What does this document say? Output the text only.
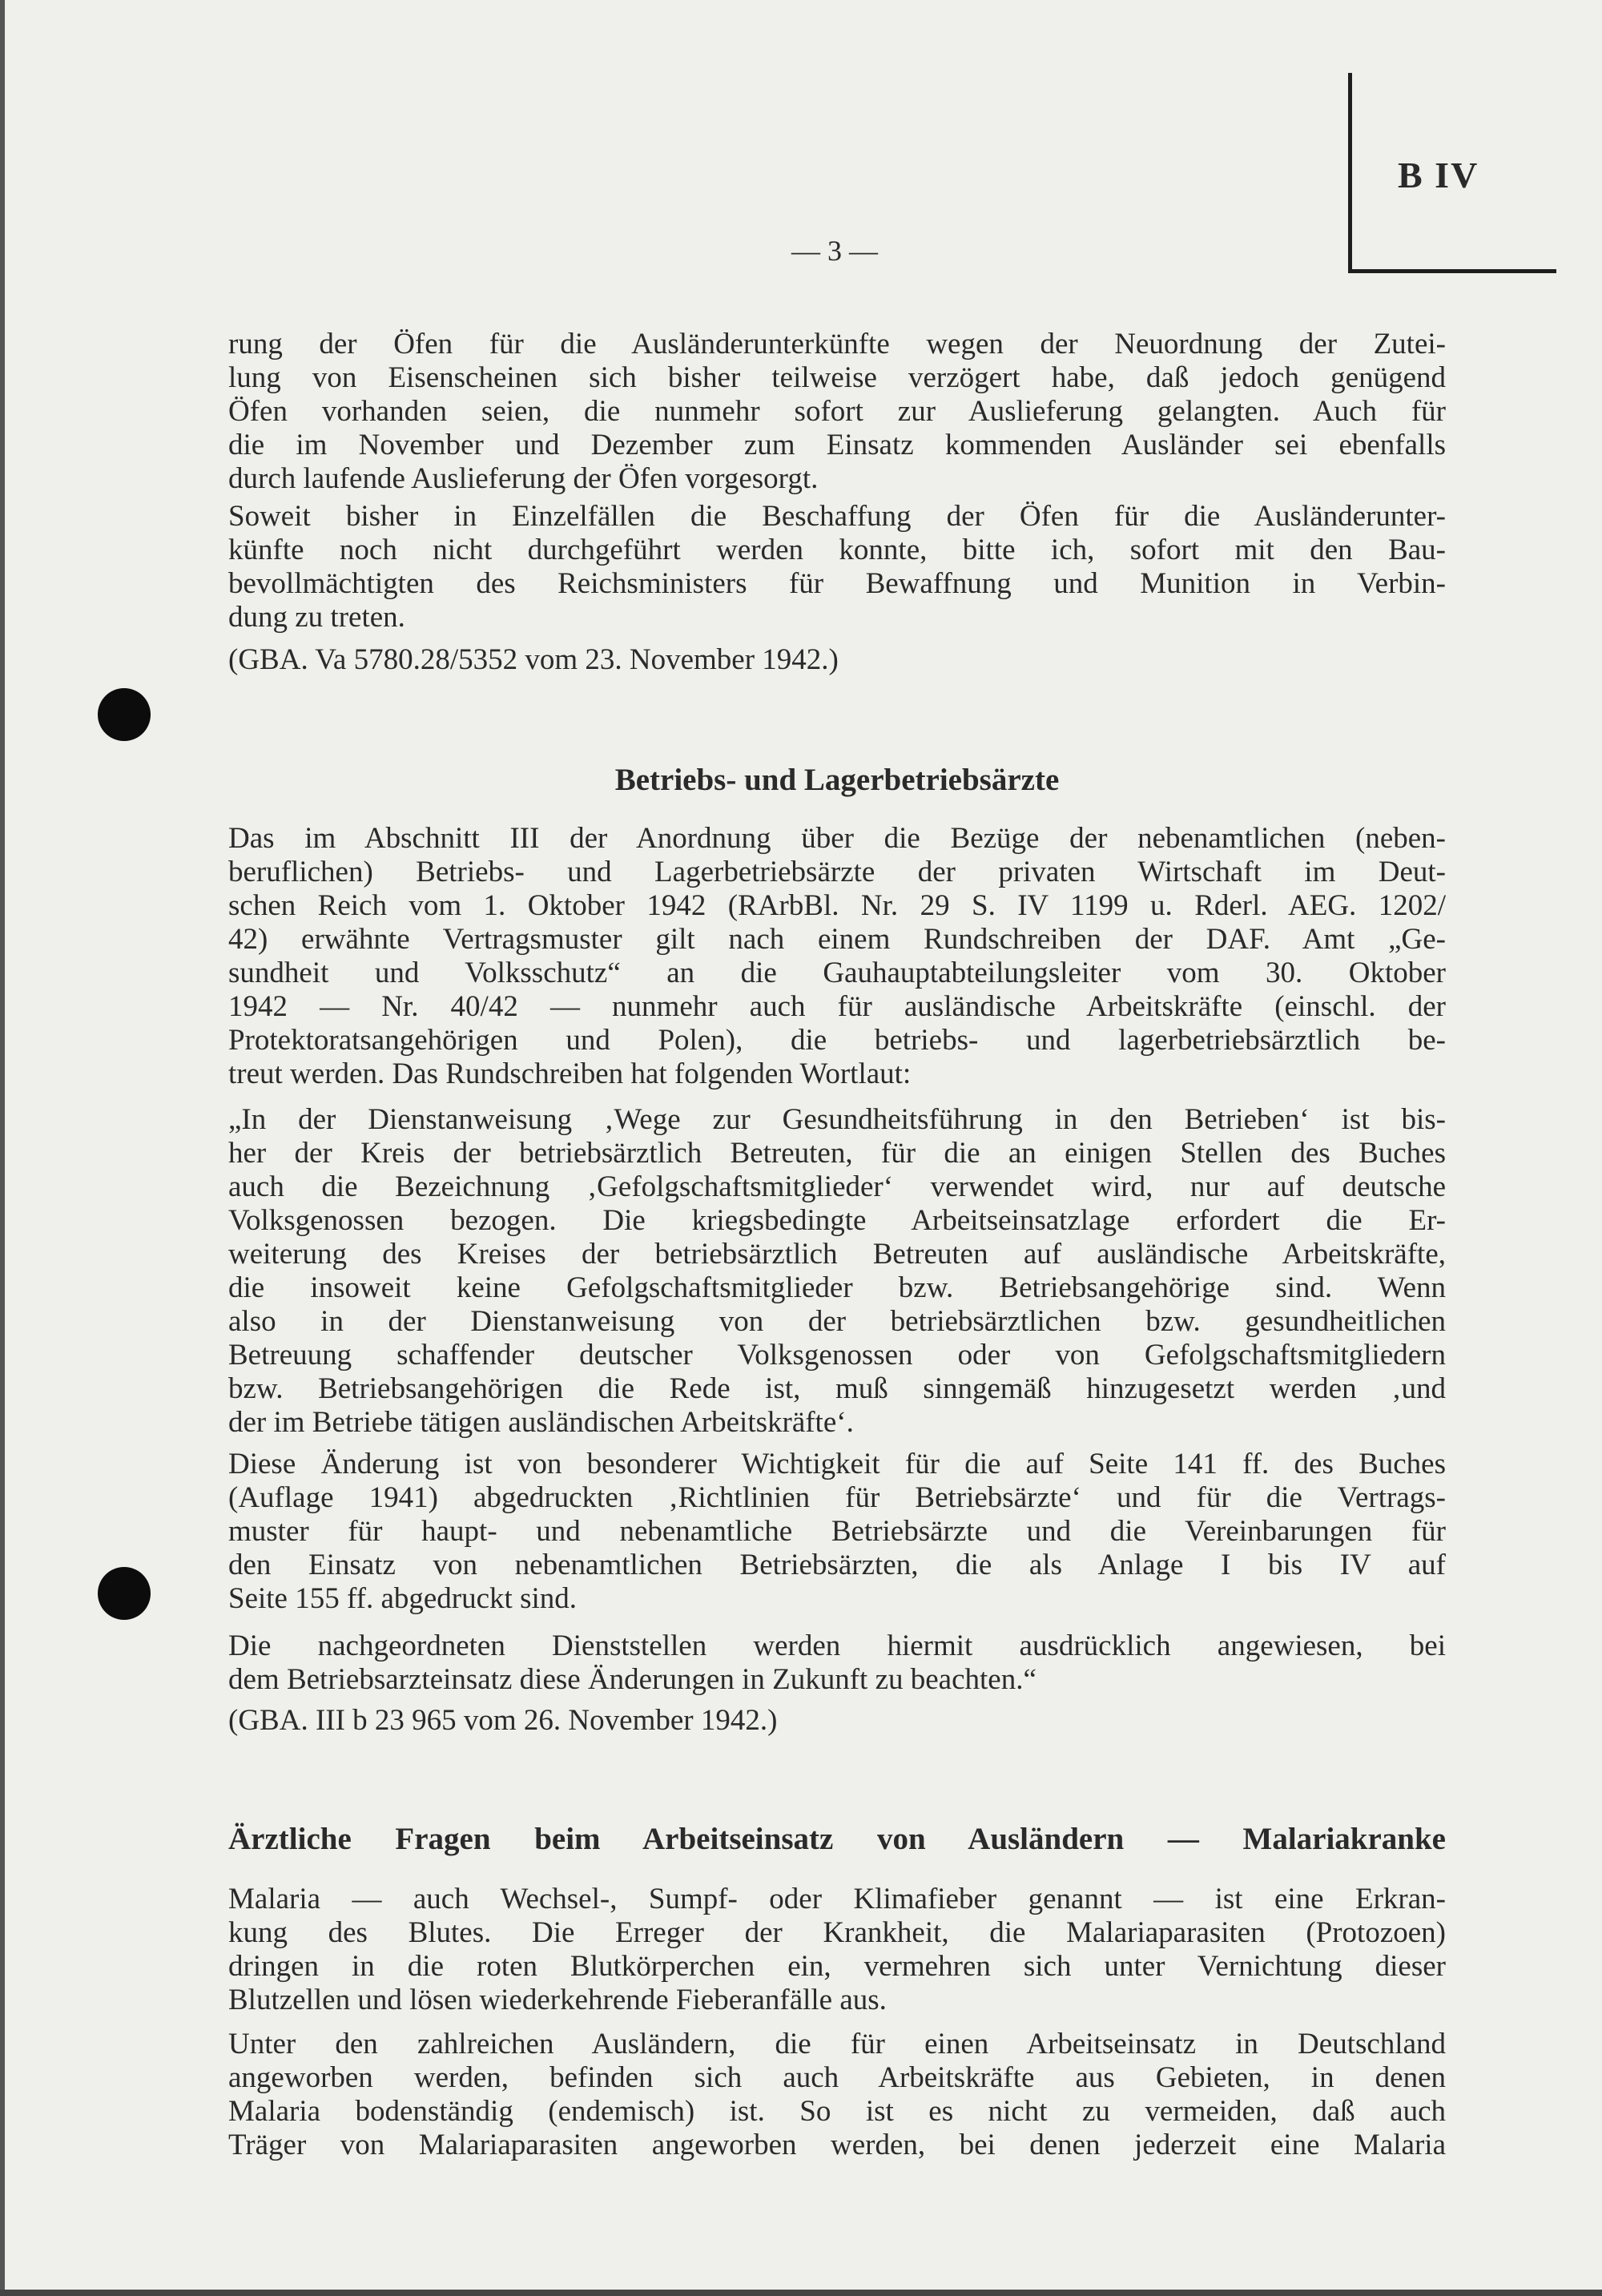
B IV
— 3 —
rung der Öfen für die Ausländerunterkünfte wegen der Neuordnung der Zutei-
lung von Eisenscheinen sich bisher teilweise verzögert habe, daß jedoch genügend
Öfen vorhanden seien, die nunmehr sofort zur Auslieferung gelangten. Auch für
die im November und Dezember zum Einsatz kommenden Ausländer sei ebenfalls
durch laufende Auslieferung der Öfen vorgesorgt.
Soweit bisher in Einzelfällen die Beschaffung der Öfen für die Ausländerunter-
künfte noch nicht durchgeführt werden konnte, bitte ich, sofort mit den Bau-
bevollmächtigten des Reichsministers für Bewaffnung und Munition in Verbin-
dung zu treten.
(GBA. Va 5780.28/5352 vom 23. November 1942.)
Betriebs- und Lagerbetriebsärzte
Das im Abschnitt III der Anordnung über die Bezüge der nebenamtlichen (neben-
beruflichen) Betriebs- und Lagerbetriebsärzte der privaten Wirtschaft im Deut-
schen Reich vom 1. Oktober 1942 (RArbBl. Nr. 29 S. IV 1199 u. Rderl. AEG. 1202/
42) erwähnte Vertragsmuster gilt nach einem Rundschreiben der DAF. Amt „Ge-
sundheit und Volksschutz“ an die Gauhauptabteilungsleiter vom 30. Oktober
1942 — Nr. 40/42 — nunmehr auch für ausländische Arbeitskräfte (einschl. der
Protektoratsangehörigen und Polen), die betriebs- und lagerbetriebsärztlich be-
treut werden. Das Rundschreiben hat folgenden Wortlaut:
„In der Dienstanweisung ‚Wege zur Gesundheitsführung in den Betrieben‘ ist bis-
her der Kreis der betriebsärztlich Betreuten, für die an einigen Stellen des Buches
auch die Bezeichnung ‚Gefolgschaftsmitglieder‘ verwendet wird, nur auf deutsche
Volksgenossen bezogen. Die kriegsbedingte Arbeitseinsatzlage erfordert die Er-
weiterung des Kreises der betriebsärztlich Betreuten auf ausländische Arbeitskräfte,
die insoweit keine Gefolgschaftsmitglieder bzw. Betriebsangehörige sind. Wenn
also in der Dienstanweisung von der betriebsärztlichen bzw. gesundheitlichen
Betreuung schaffender deutscher Volksgenossen oder von Gefolgschaftsmitgliedern
bzw. Betriebsangehörigen die Rede ist, muß sinngemäß hinzugesetzt werden ‚und
der im Betriebe tätigen ausländischen Arbeitskräfte‘.
Diese Änderung ist von besonderer Wichtigkeit für die auf Seite 141 ff. des Buches
(Auflage 1941) abgedruckten ‚Richtlinien für Betriebsärzte‘ und für die Vertrags-
muster für haupt- und nebenamtliche Betriebsärzte und die Vereinbarungen für
den Einsatz von nebenamtlichen Betriebsärzten, die als Anlage I bis IV auf
Seite 155 ff. abgedruckt sind.
Die nachgeordneten Dienststellen werden hiermit ausdrücklich angewiesen, bei
dem Betriebsarzteinsatz diese Änderungen in Zukunft zu beachten.“
(GBA. III b 23 965 vom 26. November 1942.)
Ärztliche Fragen beim Arbeitseinsatz von Ausländern — Malariakranke
Malaria — auch Wechsel-, Sumpf- oder Klimafieber genannt — ist eine Erkran-
kung des Blutes. Die Erreger der Krankheit, die Malariaparasiten (Protozoen)
dringen in die roten Blutkörperchen ein, vermehren sich unter Vernichtung dieser
Blutzellen und lösen wiederkehrende Fieberanfälle aus.
Unter den zahlreichen Ausländern, die für einen Arbeitseinsatz in Deutschland
angeworben werden, befinden sich auch Arbeitskräfte aus Gebieten, in denen
Malaria bodenständig (endemisch) ist. So ist es nicht zu vermeiden, daß auch
Träger von Malariaparasiten angeworben werden, bei denen jederzeit eine Malaria
